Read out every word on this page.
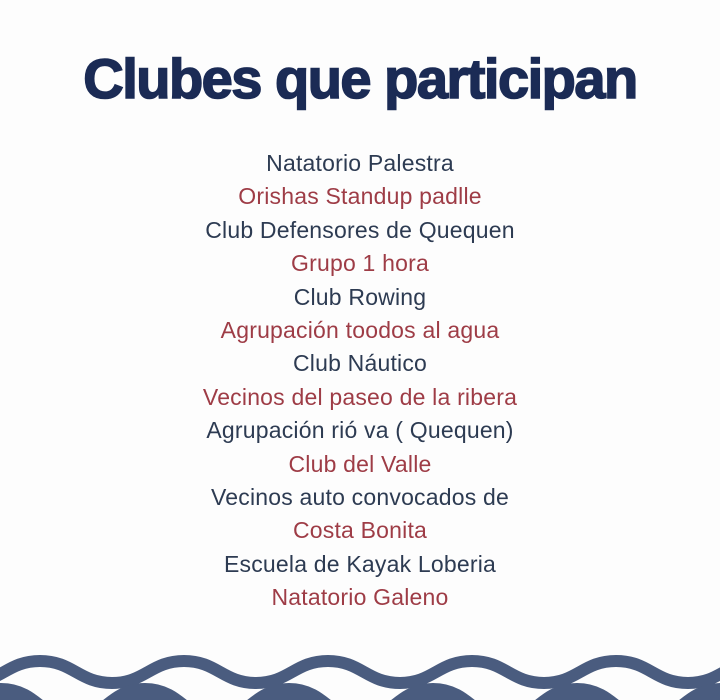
Clubes que participan
Natatorio Palestra
Orishas Standup padlle
Club Defensores de Quequen
Grupo 1 hora
Club Rowing
Agrupación toodos al agua
Club Náutico
Vecinos del paseo de la ribera
Agrupación rió va ( Quequen)
Club del Valle
Vecinos auto convocados de
Costa Bonita
Escuela de Kayak Loberia
Natatorio Galeno
